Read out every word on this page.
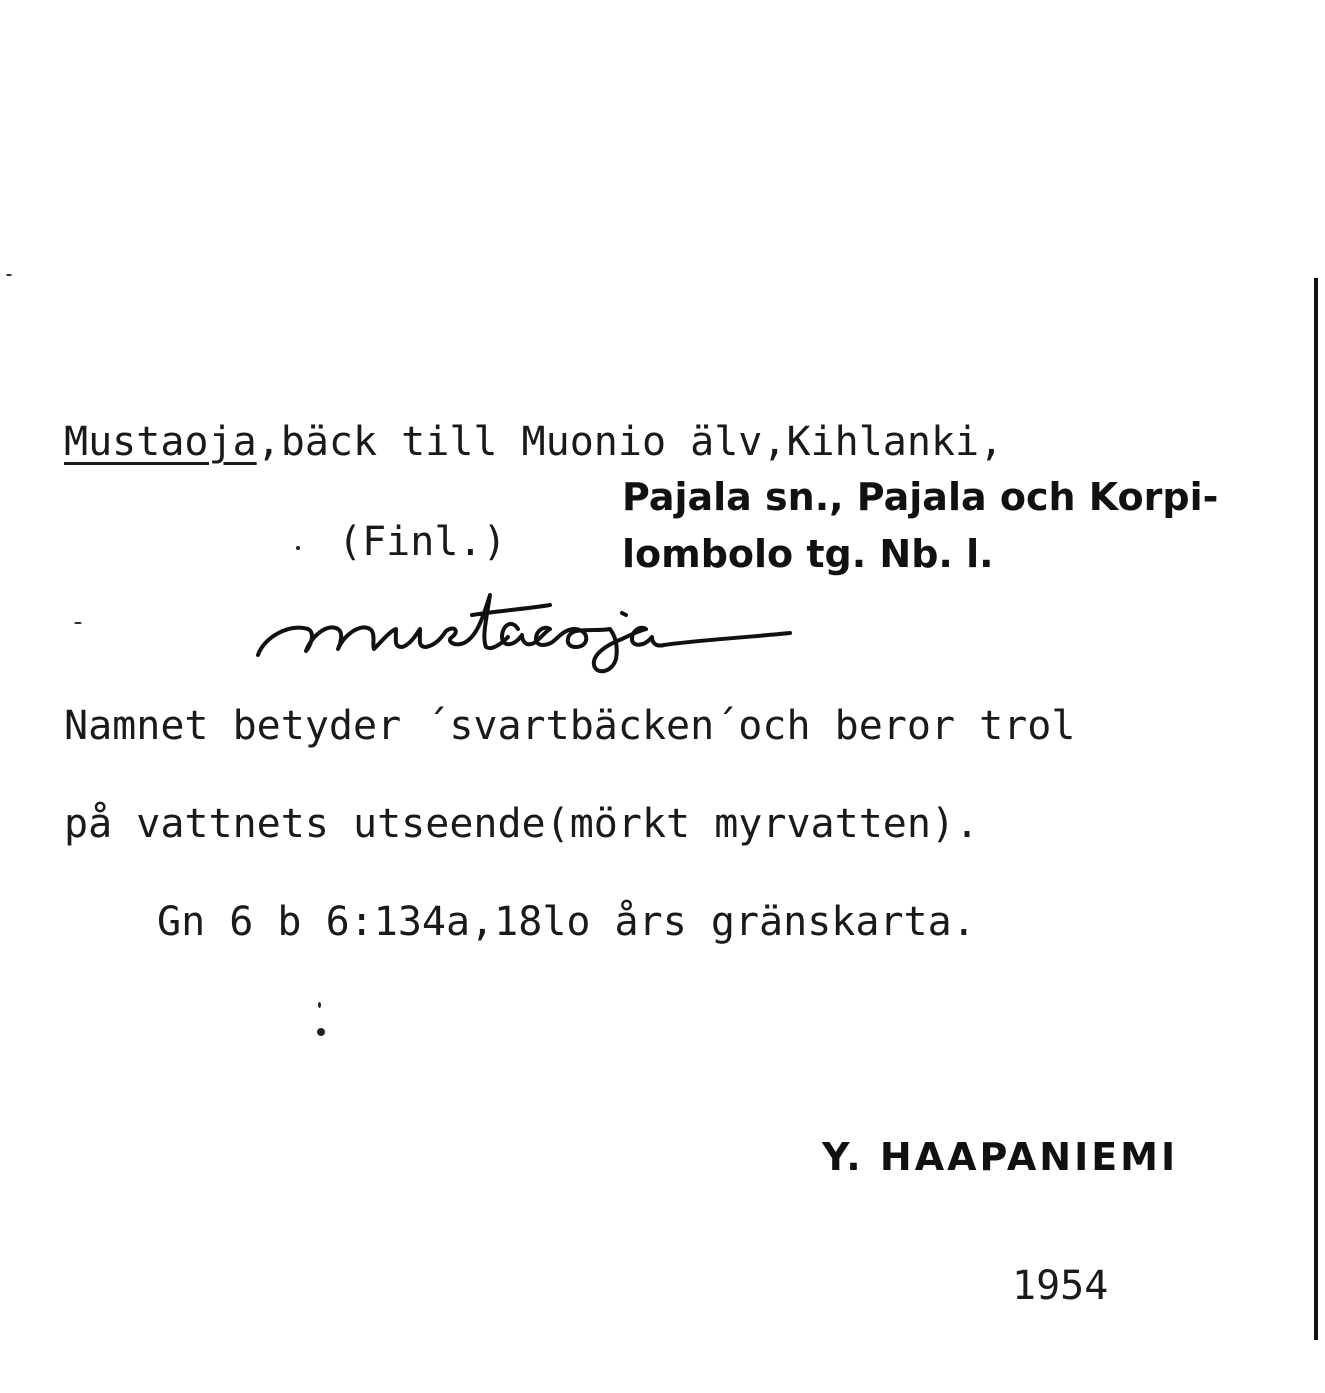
Mustaoja,bäck till Muonio älv,Kihlanki,
Pajala sn., Pajala och Korpi-
lombolo tg. Nb. l.
(Finl.)
Namnet betyder ´svartbäcken´och beror trol
på vattnets utseende(mörkt myrvatten).
Gn 6 b 6:134a,18lo års gränskarta.
Y. HAAPANIEMI
1954
